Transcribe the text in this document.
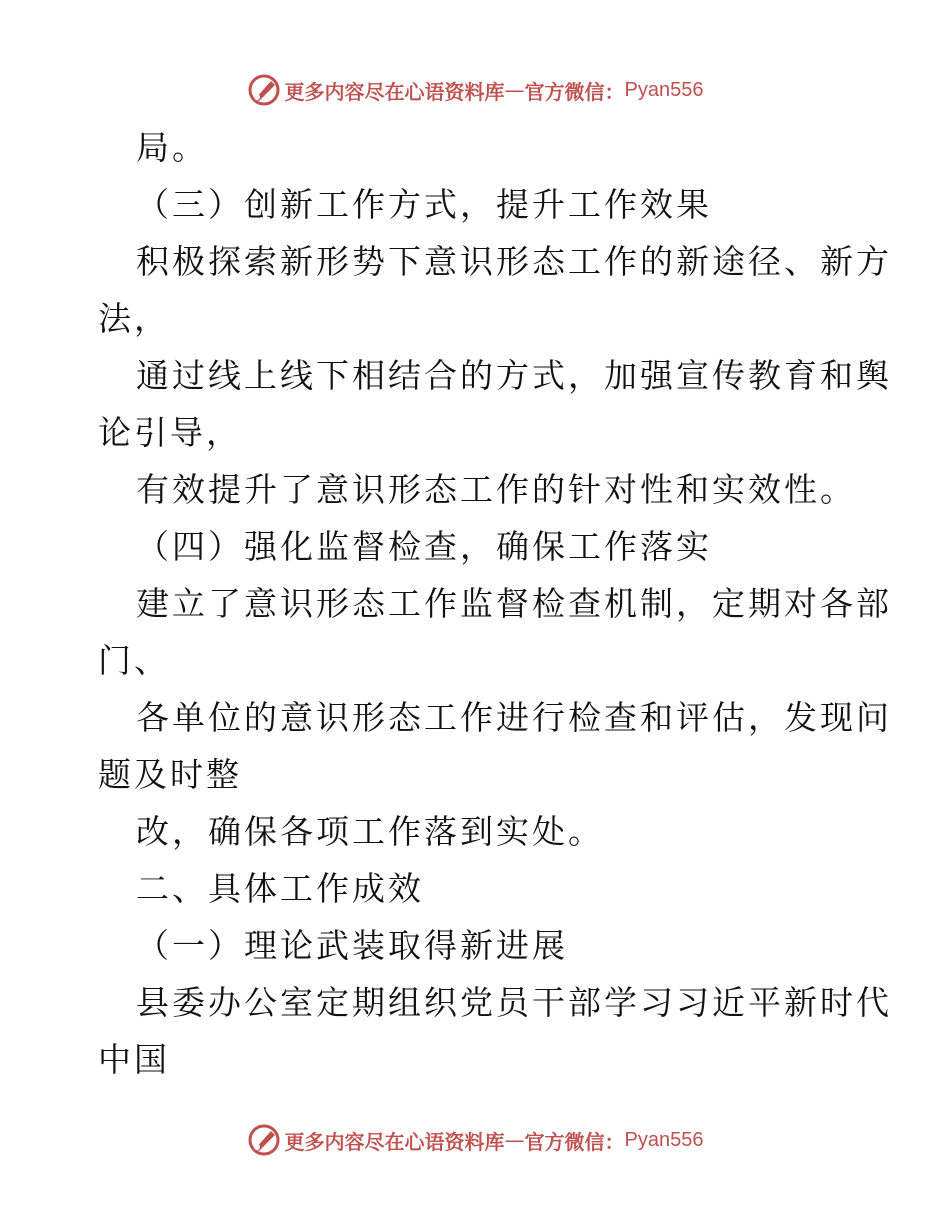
更多内容尽在心语资料库 — 官方微信： Pyan556
局。
（三）创新工作方式，提升工作效果
积极探索新形势下意识形态工作的新途径、新方
法，
通过线上线下相结合的方式，加强宣传教育和舆
论引导，
有效提升了意识形态工作的针对性和实效性。
（四）强化监督检查，确保工作落实
建立了意识形态工作监督检查机制，定期对各部
门、
各单位的意识形态工作进行检查和评估，发现问
题及时整
改，确保各项工作落到实处。
二、具体工作成效
（一）理论武装取得新进展
县委办公室定期组织党员干部学习习近平新时代
中国
更多内容尽在心语资料库 — 官方微信： Pyan556
